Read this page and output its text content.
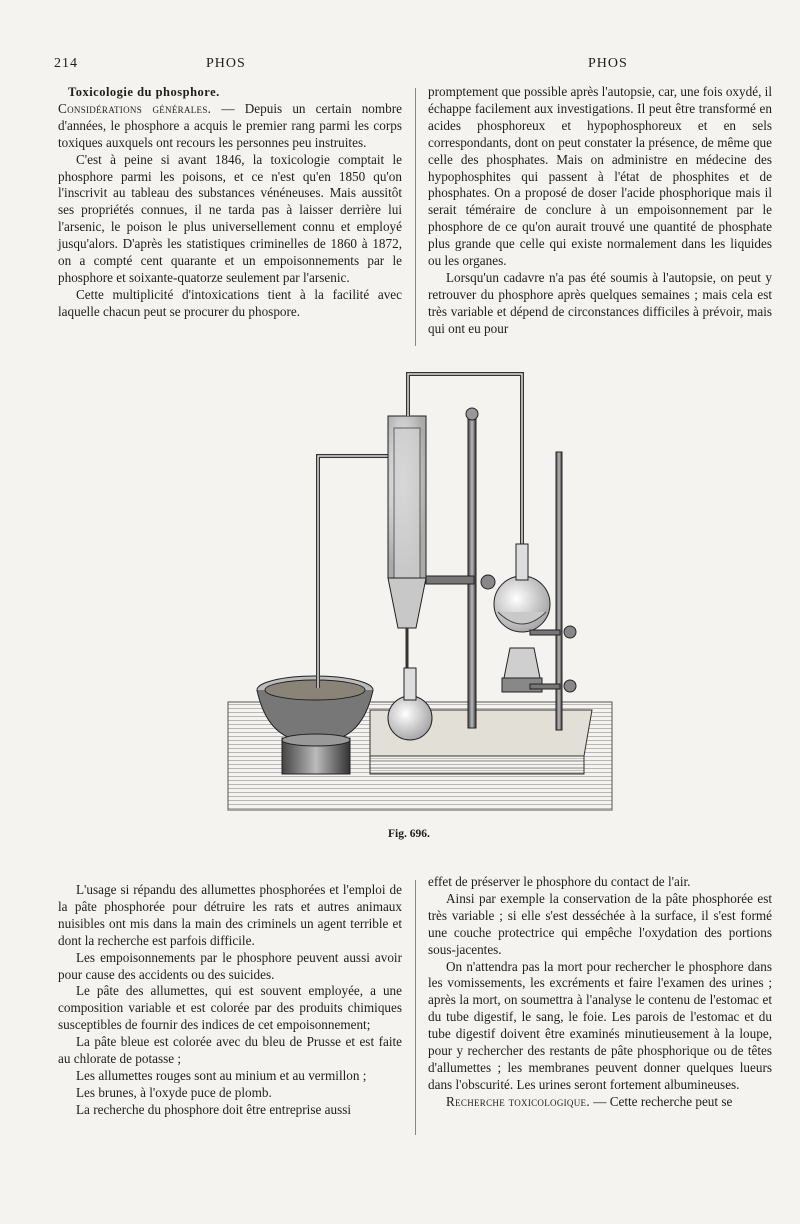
214	PHOS	PHOS

Toxicologie du phosphore.

Considérations générales. — Depuis un certain nombre d'années, le phosphore a acquis le premier rang parmi les corps toxiques auxquels ont recours les personnes peu instruites.

C'est à peine si avant 1846, la toxicologie comptait le phosphore parmi les poisons, et ce n'est qu'en 1850 qu'on l'inscrivit au tableau des substances vénéneuses. Mais aussitôt ses propriétés connues, il ne tarda pas à laisser derrière lui l'arsenic, le poison le plus universellement connu et employé jusqu'alors. D'après les statistiques criminelles de 1860 à 1872, on a compté cent quarante et un empoisonnements par le phosphore et soixante-quatorze seulement par l'arsenic.

Cette multiplicité d'intoxications tient à la facilité avec laquelle chacun peut se procurer du phospore.

promptement que possible après l'autopsie, car, une fois oxydé, il échappe facilement aux investigations. Il peut être transformé en acides phosphoreux et hypophosphoreux et en sels correspondants, dont on peut constater la présence, de même que celle des phosphates. Mais on administre en médecine des hypophosphites qui passent à l'état de phosphites et de phosphates. On a proposé de doser l'acide phosphorique mais il serait téméraire de conclure à un empoisonnement par le phosphore de ce qu'on aurait trouvé une quantité de phosphate plus grande que celle qui existe normalement dans les liquides ou les organes.

Lorsqu'un cadavre n'a pas été soumis à l'autopsie, on peut y retrouver du phosphore après quelques semaines ; mais cela est très variable et dépend de circonstances difficiles à prévoir, mais qui ont eu pour

Fig. 696.

L'usage si répandu des allumettes phosphorées et l'emploi de la pâte phosphorée pour détruire les rats et autres animaux nuisibles ont mis dans la main des criminels un agent terrible et dont la recherche est parfois difficile.

Les empoisonnements par le phosphore peuvent aussi avoir pour cause des accidents ou des suicides.

Le pâte des allumettes, qui est souvent employée, a une composition variable et est colorée par des produits chimiques susceptibles de fournir des indices de cet empoisonnement;

La pâte bleue est colorée avec du bleu de Prusse et est faite au chlorate de potasse ;

Les allumettes rouges sont au minium et au vermillon ;

Les brunes, à l'oxyde puce de plomb.

La recherche du phosphore doit être entreprise aussi

effet de préserver le phosphore du contact de l'air.

Ainsi par exemple la conservation de la pâte phosphorée est très variable ; si elle s'est desséchée à la surface, il s'est formé une couche protectrice qui empêche l'oxydation des portions sous-jacentes.

On n'attendra pas la mort pour rechercher le phosphore dans les vomissements, les excréments et faire l'examen des urines ; après la mort, on soumettra à l'analyse le contenu de l'estomac et du tube digestif, le sang, le foie. Les parois de l'estomac et du tube digestif doivent être examinés minutieusement à la loupe, pour y rechercher des restants de pâte phosphorique ou de têtes d'allumettes ; les membranes peuvent donner quelques lueurs dans l'obscurité. Les urines seront fortement albumineuses.

Recherche toxicologique. — Cette recherche peut se
